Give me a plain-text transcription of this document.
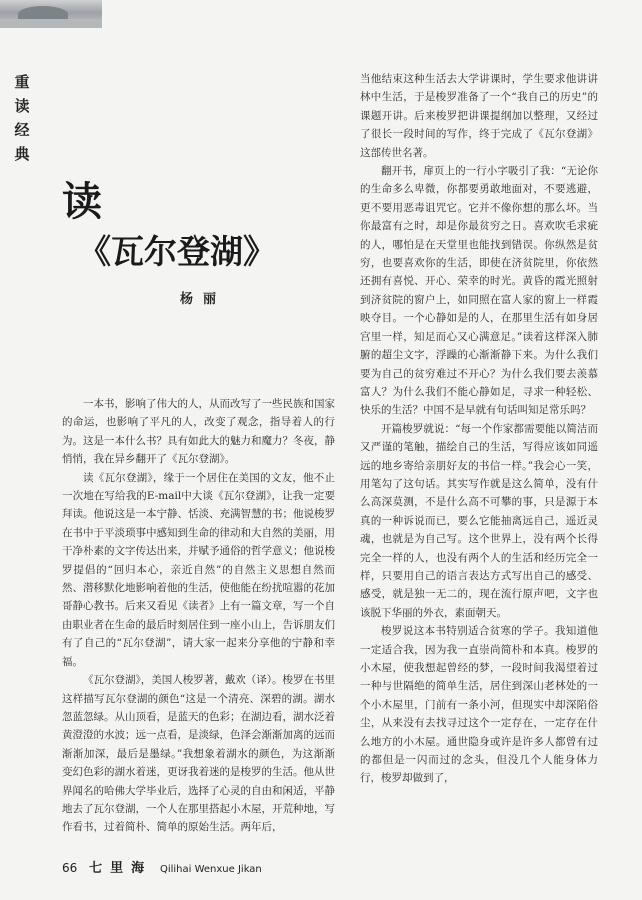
重
读
经
典
读
《瓦尔登湖》
杨丽

一本书，影响了伟大的人，从而改写了一些民族和国家的命运，也影响了平凡的人，改变了观念，指导着人的行为。这是一本什么书？具有如此大的魅力和魔力？冬夜，静悄悄，我在异乡翻开了《瓦尔登湖》。

读《瓦尔登湖》，缘于一个居住在美国的文友，他不止一次地在写给我的E-mail中大谈《瓦尔登湖》，让我一定要拜读。他说这是一本宁静、恬淡、充满智慧的书；他说梭罗在书中于平淡琐事中感知到生命的律动和大自然的美丽，用干净朴素的文字传达出来，并赋予通俗的哲学意义；他说梭罗提倡的“回归本心，亲近自然”的自然主义思想自然而然、潜移默化地影响着他的生活，使他能在纷扰喧嚣的花加哥静心教书。后来又看见《读者》上有一篇文章，写一个自由职业者在生命的最后时刻居住到一座小山上，告诉朋友们有了自己的“瓦尔登湖”，请大家一起来分享他的宁静和幸福。

《瓦尔登湖》，美国人梭罗著，戴欢（译）。梭罗在书里这样描写瓦尔登湖的颜色“这是一个清亮、深碧的湖。湖水忽蓝忽绿。从山顶看，是蓝天的色彩；在湖边看，湖水泛着黄澄澄的水波；远一点看，是淡绿，色泽会渐渐加离的远而渐渐加深，最后是墨绿。”我想象着湖水的颜色，为这渐渐变幻色彩的湖水着迷，更讶我着迷的是梭罗的生活。他从世界闻名的哈佛大学毕业后，选择了心灵的自由和闲适，平静地去了瓦尔登湖，一个人在那里搭起小木屋，开荒种地，写作看书，过着简朴、简单的原始生活。两年后，

当他结束这种生活去大学讲课时，学生要求他讲讲林中生活，于是梭罗准备了一个“我自己的历史”的课题开讲。后来梭罗把讲课提纲加以整理，又经过了很长一段时间的写作，终于完成了《瓦尔登湖》这部传世名著。

翻开书，扉页上的一行小字吸引了我：“无论你的生命多么卑微，你都要勇敢地面对，不要逃避，更不要用恶毒诅咒它。它并不像你想的那么坏。当你最富有之时，却是你最贫穷之日。喜欢吹毛求疵的人，哪怕是在天堂里也能找到错误。你纵然是贫穷，也要喜欢你的生活，即使在济贫院里，你依然还拥有喜悦、开心、荣幸的时光。黄昏的霞光照射到济贫院的窗户上，如同照在富人家的窗上一样霞映夺目。一个心静如是的人，在那里生活有如身居宫里一样，知足而心又心满意足。”读着这样深入肺腑的超尘文字，浮躁的心渐渐静下来。为什么我们要为自己的贫穷难过不开心？为什么我们要去羡慕富人？为什么我们不能心静如足，寻求一种轻松、快乐的生活？中国不是早就有句话叫知足常乐吗？

开篇梭罗就说：“每一个作家都需要能以简洁而又严谨的笔触，描绘自己的生活，写得应该如同遥远的地乡寄给亲朋好友的书信一样。”我会心一笑，用笔勾了这句话。其实写作就是这么简单，没有什么高深莫测，不是什么高不可攀的事，只是源于本真的一种诉说而已，要么它能抽离远自己，遥近灵魂，也就是为自己写。这个世界上，没有两个长得完全一样的人，也没有两个人的生活和经历完全一样，只要用自己的语言表达方式写出自己的感受、感受，就是独一无二的，现在流行原声吧，文字也该脱下华丽的外衣，素面朝天。

梭罗说这本书特别适合贫寒的学子。我知道他一定适合我，因为我一直崇尚简朴和本真。梭罗的小木屋，使我想起曾经的梦，一段时间我渴望着过一种与世隔绝的简单生活，居住到深山老林处的一个小木屋里，门前有一条小河，但现实中却深陷俗尘，从来没有去找寻过这个一定存在，一定存在什么地方的小木屋。通世隐身或许是许多人都曾有过的都但是一闪而过的念头，但没几个人能身体力行，梭罗却做到了，

66 七里海 Qilihai Wenxue Jikan
